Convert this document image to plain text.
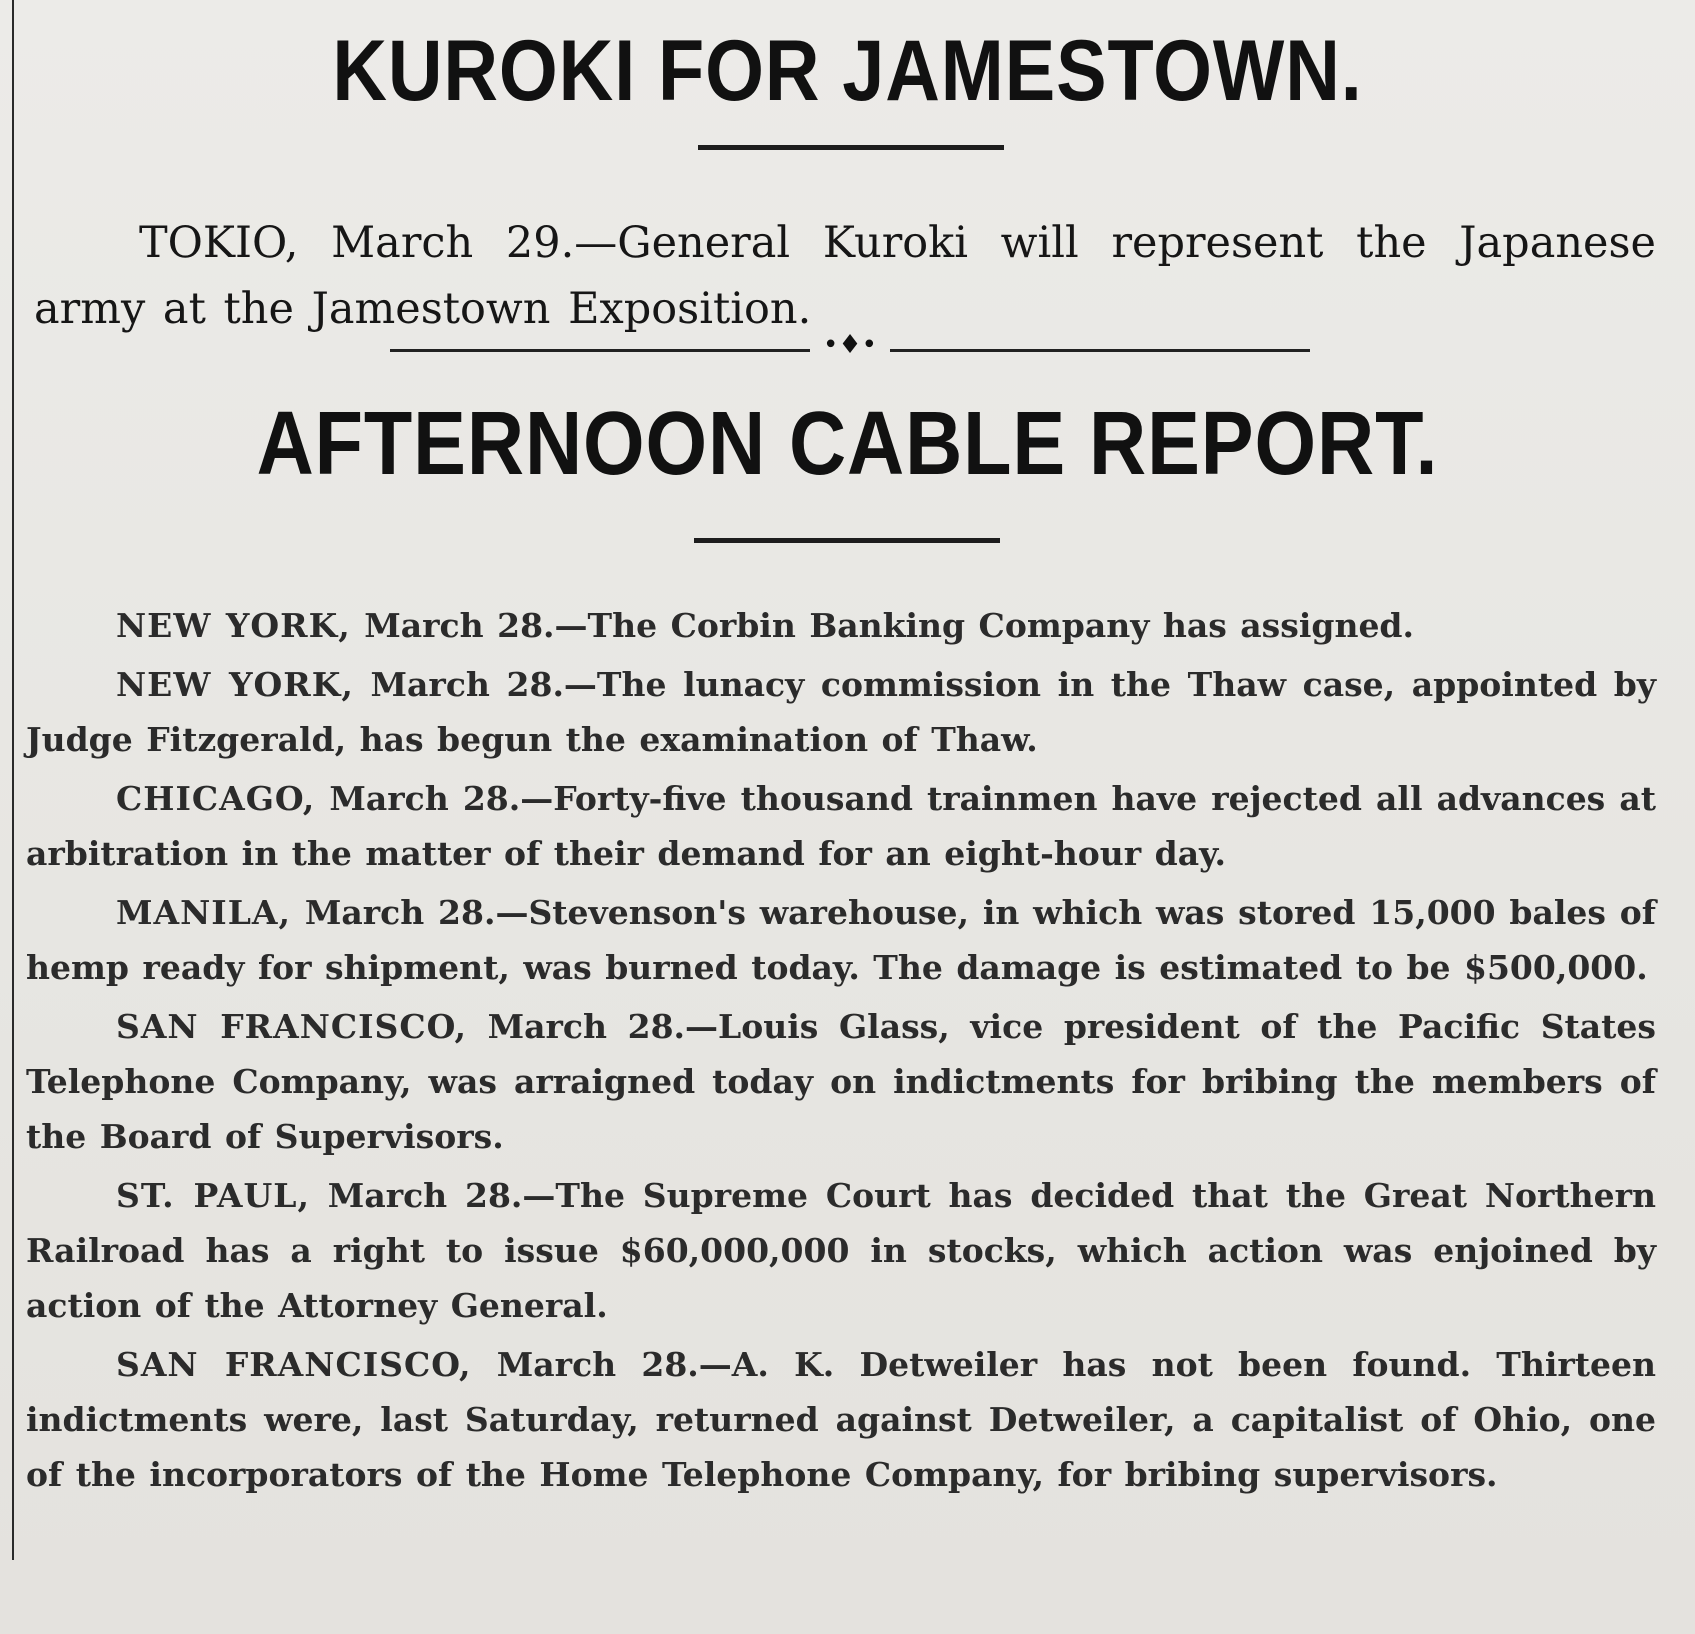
KUROKI FOR JAMESTOWN.
TOKIO, March 29.—General Kuroki will represent the Japanese army at the Jamestown Exposition.
•♦•
AFTERNOON CABLE REPORT.

NEW YORK, March 28.—The Corbin Banking Company has assigned.

NEW YORK, March 28.—The lunacy commission in the Thaw case, appointed by Judge Fitzgerald, has begun the examination of Thaw.

CHICAGO, March 28.—Forty-five thousand trainmen have rejected all advances at arbitration in the matter of their demand for an eight-hour day.

MANILA, March 28.—Stevenson's warehouse, in which was stored 15,000 bales of hemp ready for shipment, was burned today. The damage is estimated to be $500,000.

SAN FRANCISCO, March 28.—Louis Glass, vice president of the Pacific States Telephone Company, was arraigned today on indictments for bribing the members of the Board of Supervisors.

ST. PAUL, March 28.—The Supreme Court has decided that the Great Northern Railroad has a right to issue $60,000,000 in stocks, which action was enjoined by action of the Attorney General.

SAN FRANCISCO, March 28.—A. K. Detweiler has not been found. Thirteen indictments were, last Saturday, returned against Detweiler, a capitalist of Ohio, one of the incorporators of the Home Telephone Company, for bribing supervisors.
